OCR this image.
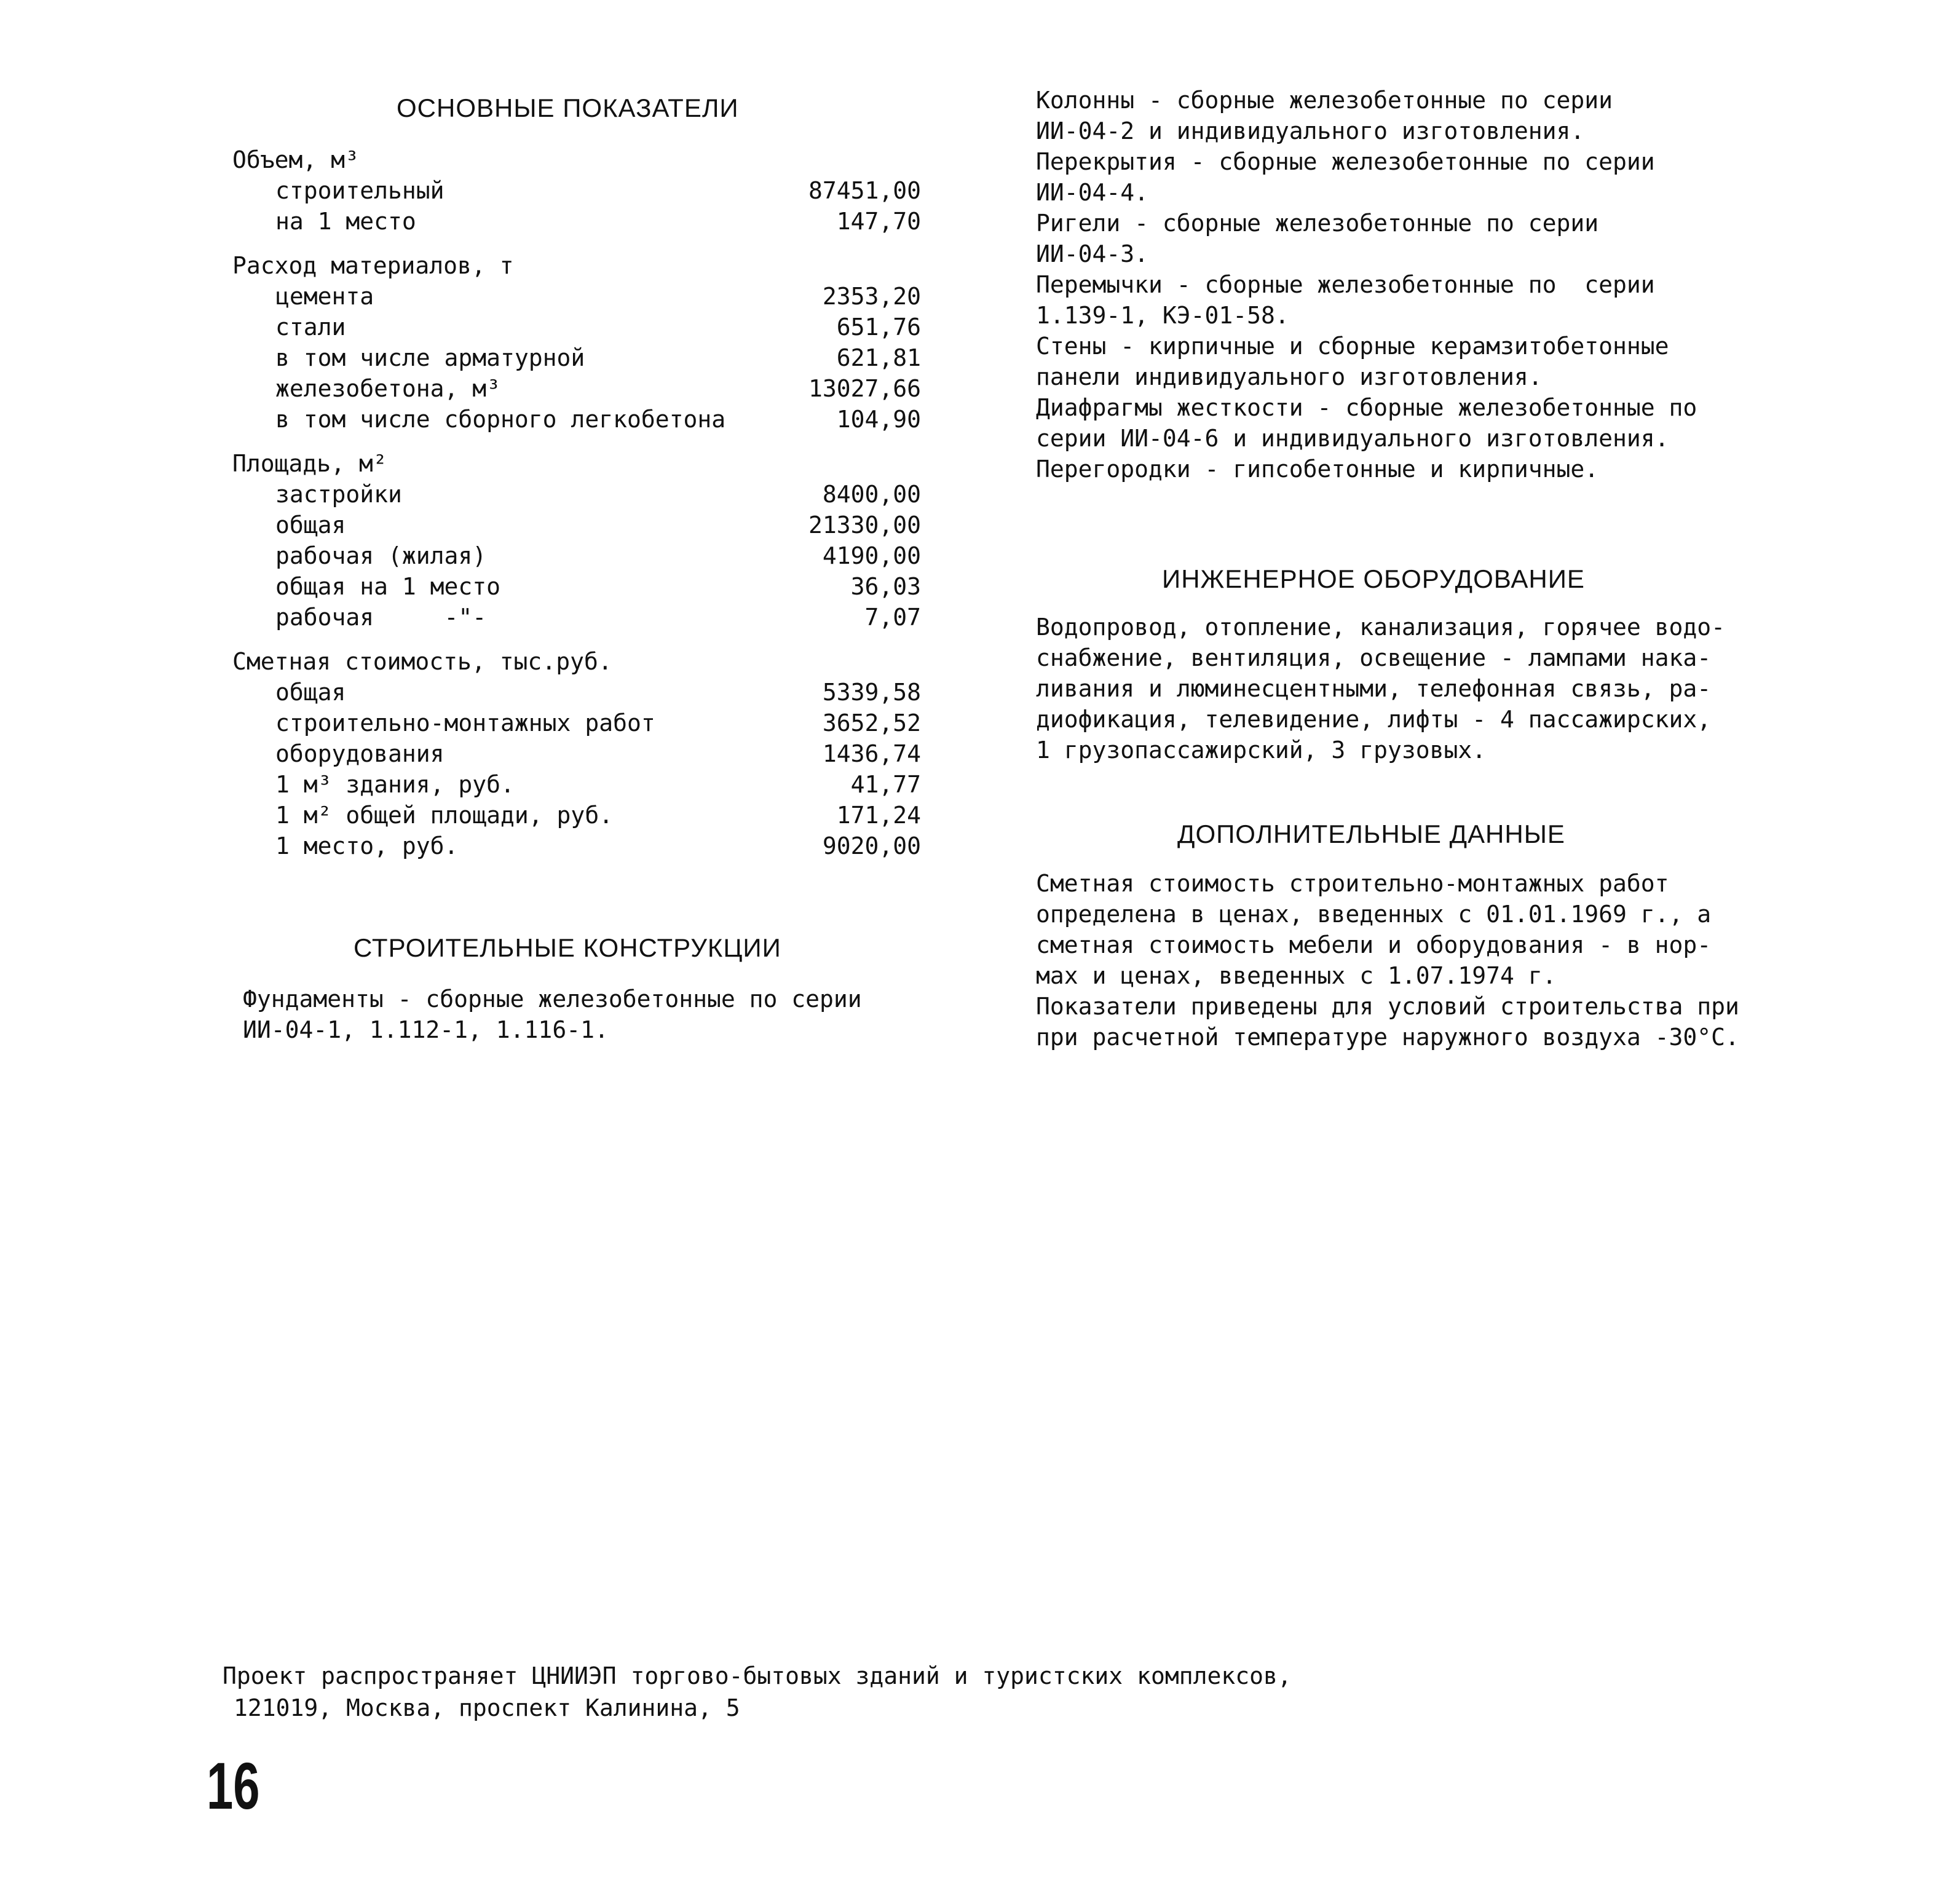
ОСНОВНЫЕ ПОКАЗАТЕЛИ
Объем, м³
строительный	87451,00
на 1 место	147,70
Расход материалов, т
цемента	2353,20
стали	651,76
в том числе арматурной	621,81
железобетона, м³	13027,66
в том числе сборного легкобетона	104,90
Площадь, м²
застройки	8400,00
общая	21330,00
рабочая (жилая)	4190,00
общая на 1 место	36,03
рабочая     -"-	7,07
Сметная стоимость, тыс.руб.
общая	5339,58
строительно-монтажных работ	3652,52
оборудования	1436,74
1 м³ здания, руб.	41,77
1 м² общей площади, руб.	171,24
1 место, руб.	9020,00
СТРОИТЕЛЬНЫЕ КОНСТРУКЦИИ

Фундаменты - сборные железобетонные по серии

ИИ-04-1, 1.112-1, 1.116-1.

Колонны - сборные железобетонные по серии

ИИ-04-2 и индивидуального изготовления.

Перекрытия - сборные железобетонные по серии

ИИ-04-4.

Ригели - сборные железобетонные по серии

ИИ-04-3.

Перемычки - сборные железобетонные по  серии

1.139-1, КЭ-01-58.

Стены - кирпичные и сборные керамзитобетонные

панели индивидуального изготовления.

Диафрагмы жесткости - сборные железобетонные по

серии ИИ-04-6 и индивидуального изготовления.

Перегородки - гипсобетонные и кирпичные.

ИНЖЕНЕРНОЕ ОБОРУДОВАНИЕ

Водопровод, отопление, канализация, горячее водо-

снабжение, вентиляция, освещение - лампами нака-

ливания и люминесцентными, телефонная связь, ра-

диофикация, телевидение, лифты - 4 пассажирских,

1 грузопассажирский, 3 грузовых.

ДОПОЛНИТЕЛЬНЫЕ ДАННЫЕ

Сметная стоимость строительно-монтажных работ

определена в ценах, введенных с 01.01.1969 г., а

сметная стоимость мебели и оборудования - в нор-

мах и ценах, введенных с 1.07.1974 г.

Показатели приведены для условий строительства при

при расчетной температуре наружного воздуха -30°С.

Проект распространяет ЦНИИЭП торгово-бытовых зданий и туристских комплексов,

121019, Москва, проспект Калинина, 5

16
